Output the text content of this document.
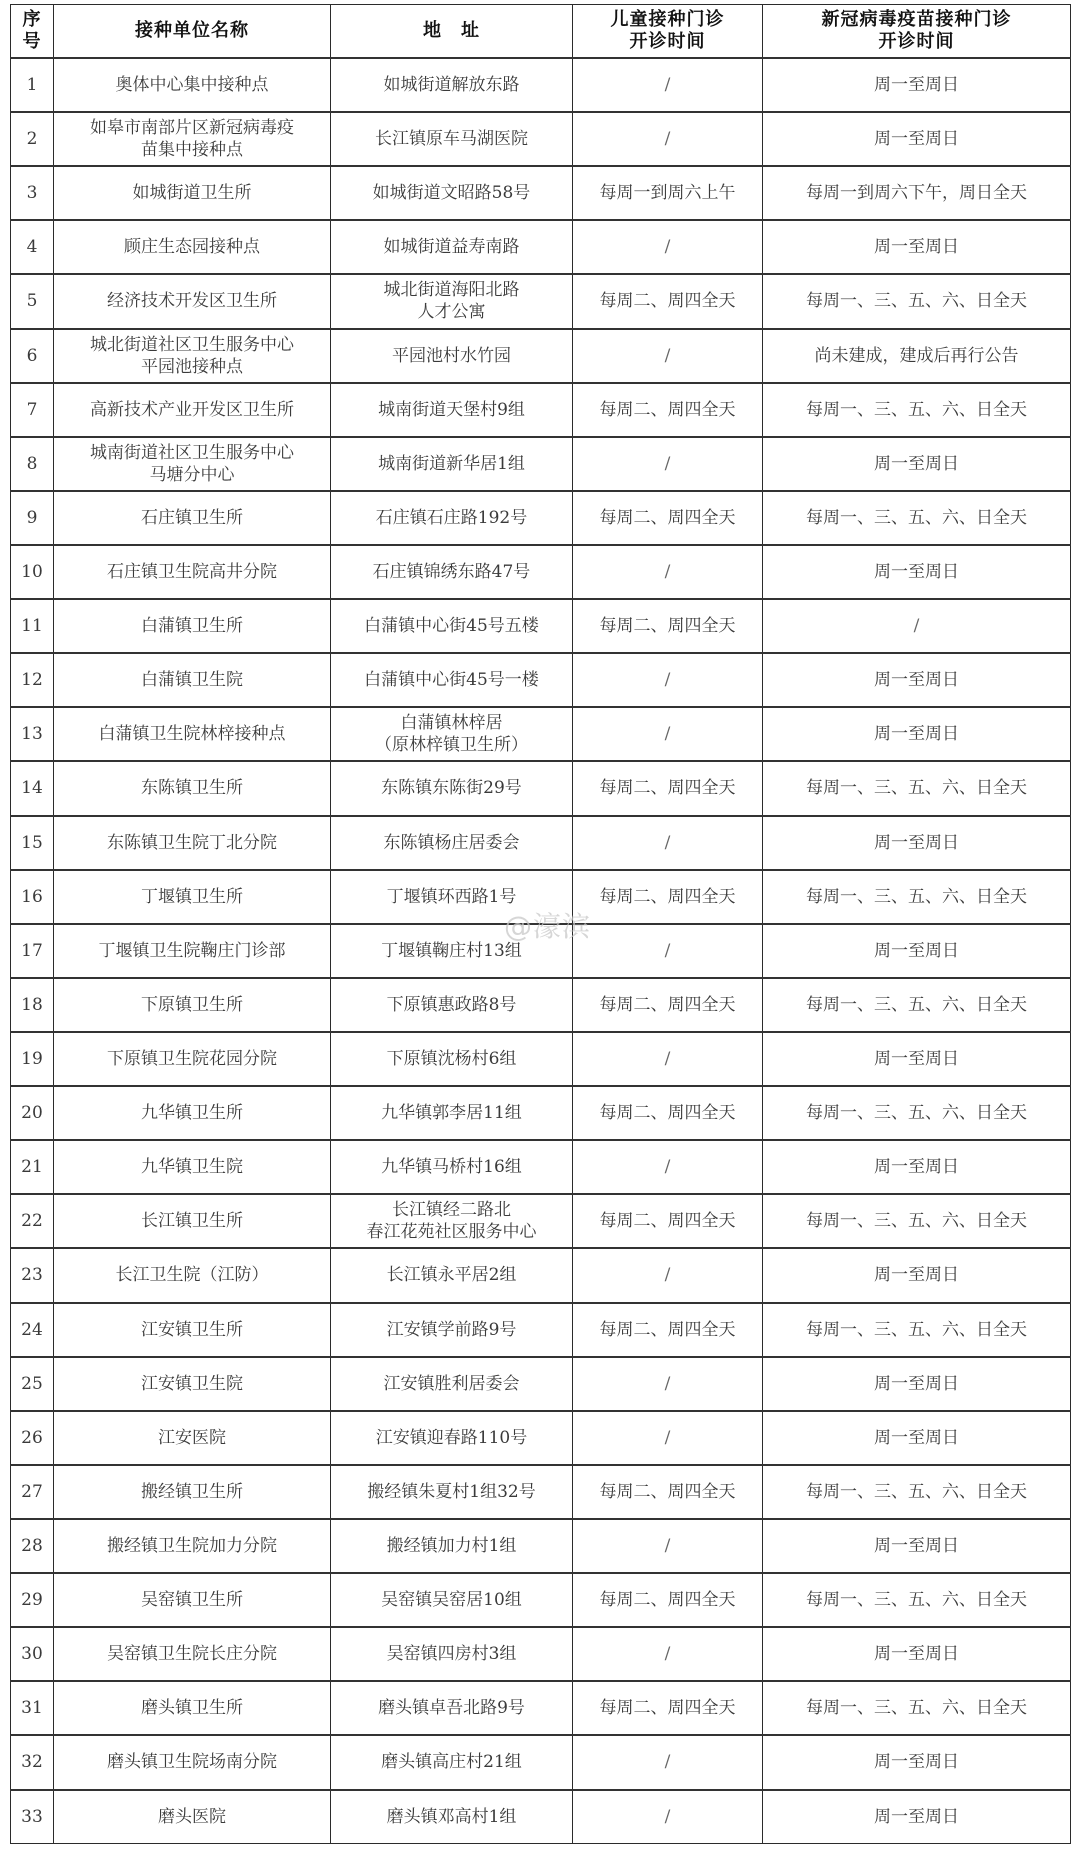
序
号	接种单位名称	地　址	儿童接种门诊
开诊时间	新冠病毒疫苗接种门诊
开诊时间

1	奥体中心集中接种点	如城街道解放东路	/	周一至周日

2	如皋市南部片区新冠病毒疫
苗集中接种点	长江镇原车马湖医院	/	周一至周日

3	如城街道卫生所	如城街道文昭路58号	每周一到周六上午	每周一到周六下午，周日全天

4	顾庄生态园接种点	如城街道益寿南路	/	周一至周日

5	经济技术开发区卫生所	城北街道海阳北路
人才公寓	每周二、周四全天	每周一、三、五、六、日全天

6	城北街道社区卫生服务中心
平园池接种点	平园池村水竹园	/	尚未建成，建成后再行公告

7	高新技术产业开发区卫生所	城南街道天堡村9组	每周二、周四全天	每周一、三、五、六、日全天

8	城南街道社区卫生服务中心
马塘分中心	城南街道新华居1组	/	周一至周日

9	石庄镇卫生所	石庄镇石庄路192号	每周二、周四全天	每周一、三、五、六、日全天

10	石庄镇卫生院高井分院	石庄镇锦绣东路47号	/	周一至周日

11	白蒲镇卫生所	白蒲镇中心街45号五楼	每周二、周四全天	/

12	白蒲镇卫生院	白蒲镇中心街45号一楼	/	周一至周日

13	白蒲镇卫生院林梓接种点	白蒲镇林梓居
（原林梓镇卫生所）	/	周一至周日

14	东陈镇卫生所	东陈镇东陈街29号	每周二、周四全天	每周一、三、五、六、日全天

15	东陈镇卫生院丁北分院	东陈镇杨庄居委会	/	周一至周日

16	丁堰镇卫生所	丁堰镇环西路1号	每周二、周四全天	每周一、三、五、六、日全天

17	丁堰镇卫生院鞠庄门诊部	丁堰镇鞠庄村13组	/	周一至周日

18	下原镇卫生所	下原镇惠政路8号	每周二、周四全天	每周一、三、五、六、日全天

19	下原镇卫生院花园分院	下原镇沈杨村6组	/	周一至周日

20	九华镇卫生所	九华镇郭李居11组	每周二、周四全天	每周一、三、五、六、日全天

21	九华镇卫生院	九华镇马桥村16组	/	周一至周日

22	长江镇卫生所	长江镇经二路北
春江花苑社区服务中心	每周二、周四全天	每周一、三、五、六、日全天

23	长江卫生院（江防）	长江镇永平居2组	/	周一至周日

24	江安镇卫生所	江安镇学前路9号	每周二、周四全天	每周一、三、五、六、日全天

25	江安镇卫生院	江安镇胜利居委会	/	周一至周日

26	江安医院	江安镇迎春路110号	/	周一至周日

27	搬经镇卫生所	搬经镇朱夏村1组32号	每周二、周四全天	每周一、三、五、六、日全天

28	搬经镇卫生院加力分院	搬经镇加力村1组	/	周一至周日

29	吴窑镇卫生所	吴窑镇吴窑居10组	每周二、周四全天	每周一、三、五、六、日全天

30	吴窑镇卫生院长庄分院	吴窑镇四房村3组	/	周一至周日

31	磨头镇卫生所	磨头镇卓吾北路9号	每周二、周四全天	每周一、三、五、六、日全天

32	磨头镇卫生院场南分院	磨头镇高庄村21组	/	周一至周日

33	磨头医院	磨头镇邓高村1组	/	周一至周日
@濠滨
